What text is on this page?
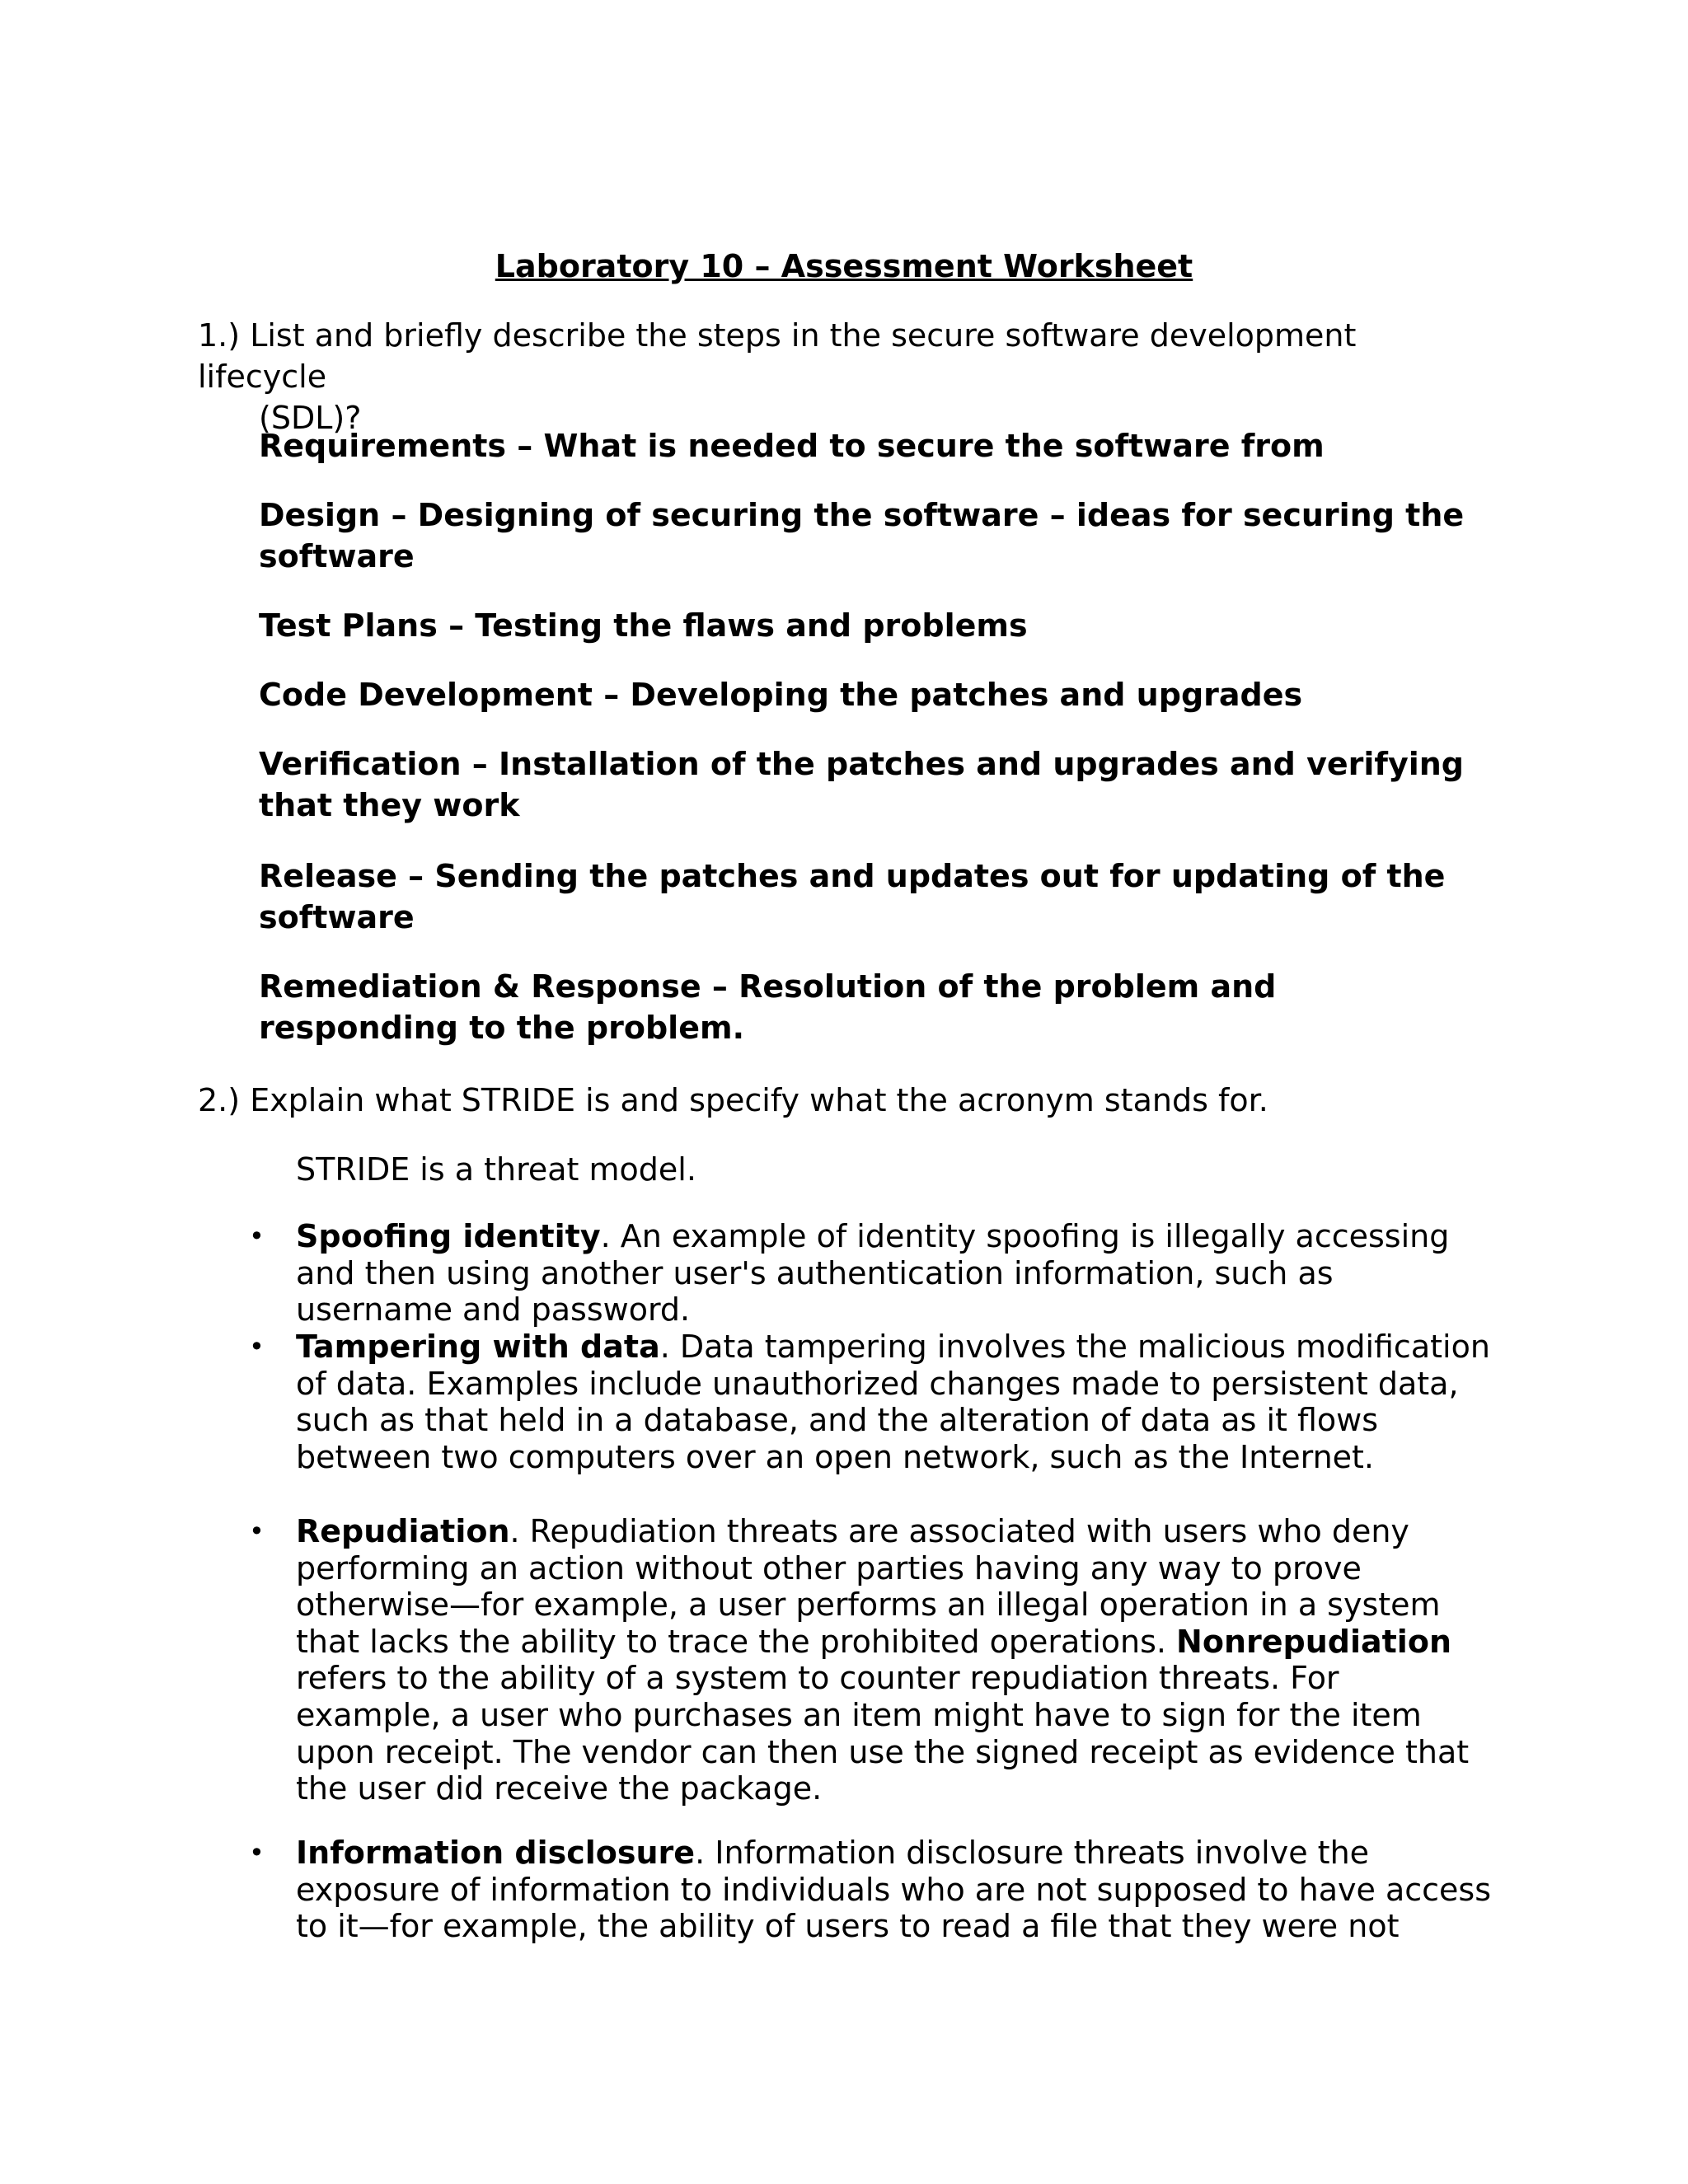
Laboratory 10 – Assessment Worksheet

1.) List and briefly describe the steps in the secure software development lifecycle
(SDL)?

Requirements – What is needed to secure the software from

Design – Designing of securing the software – ideas for securing the software

Test Plans – Testing the flaws and problems

Code Development – Developing the patches and upgrades

Verification – Installation of the patches and upgrades and verifying that they work

Release – Sending the patches and updates out for updating of the software

Remediation & Response – Resolution of the problem and responding to the problem.

2.) Explain what STRIDE is and specify what the acronym stands for.

STRIDE is a threat model.

• Spoofing identity. An example of identity spoofing is illegally accessing and then using another user's authentication information, such as username and password.
• Tampering with data. Data tampering involves the malicious modification of data. Examples include unauthorized changes made to persistent data, such as that held in a database, and the alteration of data as it flows between two computers over an open network, such as the Internet.
• Repudiation. Repudiation threats are associated with users who deny performing an action without other parties having any way to prove otherwise—for example, a user performs an illegal operation in a system that lacks the ability to trace the prohibited operations. Nonrepudiation refers to the ability of a system to counter repudiation threats. For example, a user who purchases an item might have to sign for the item upon receipt. The vendor can then use the signed receipt as evidence that the user did receive the package.
• Information disclosure. Information disclosure threats involve the exposure of information to individuals who are not supposed to have access to it—for example, the ability of users to read a file that they were not
